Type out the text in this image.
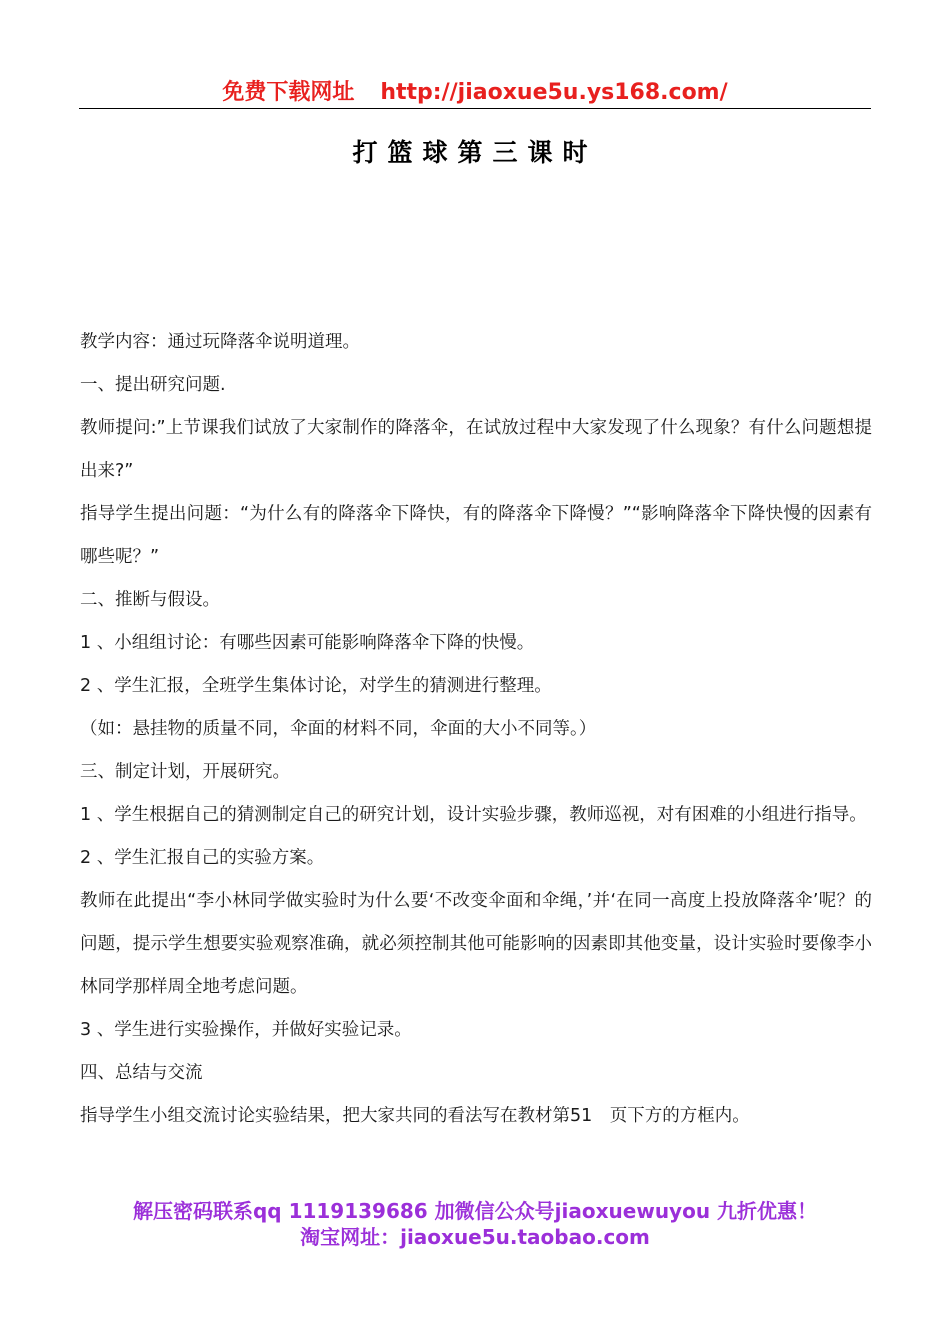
免费下载网址 http://jiaoxue5u.ys168.com/
打篮球第三课时

教学内容：通过玩降落伞说明道理。

一、提出研究问题.

教师提问:”上节课我们试放了大家制作的降落伞，在试放过程中大家发现了什么现象？有什么问题想提出来?”

指导学生提出问题：“为什么有的降落伞下降快，有的降落伞下降慢？”“影响降落伞下降快慢的因素有哪些呢？”

二、推断与假设。

1 、小组组讨论：有哪些因素可能影响降落伞下降的快慢。

2 、学生汇报，全班学生集体讨论，对学生的猜测进行整理。

（如：悬挂物的质量不同，伞面的材料不同，伞面的大小不同等。）

三、制定计划，开展研究。

1 、学生根据自己的猜测制定自己的研究计划，设计实验步骤，教师巡视，对有困难的小组进行指导。

2 、学生汇报自己的实验方案。

教师在此提出“李小林同学做实验时为什么要‘不改变伞面和伞绳，’并‘在同一高度上投放降落伞’呢？的问题，提示学生想要实验观察准确，就必须控制其他可能影响的因素即其他变量，设计实验时要像李小林同学那样周全地考虑问题。

3 、学生进行实验操作，并做好实验记录。

四、总结与交流

指导学生小组交流讨论实验结果，把大家共同的看法写在教材第51　页下方的方框内。

解压密码联系qq 1119139686 加微信公众号jiaoxuewuyou 九折优惠！
淘宝网址：jiaoxue5u.taobao.com
